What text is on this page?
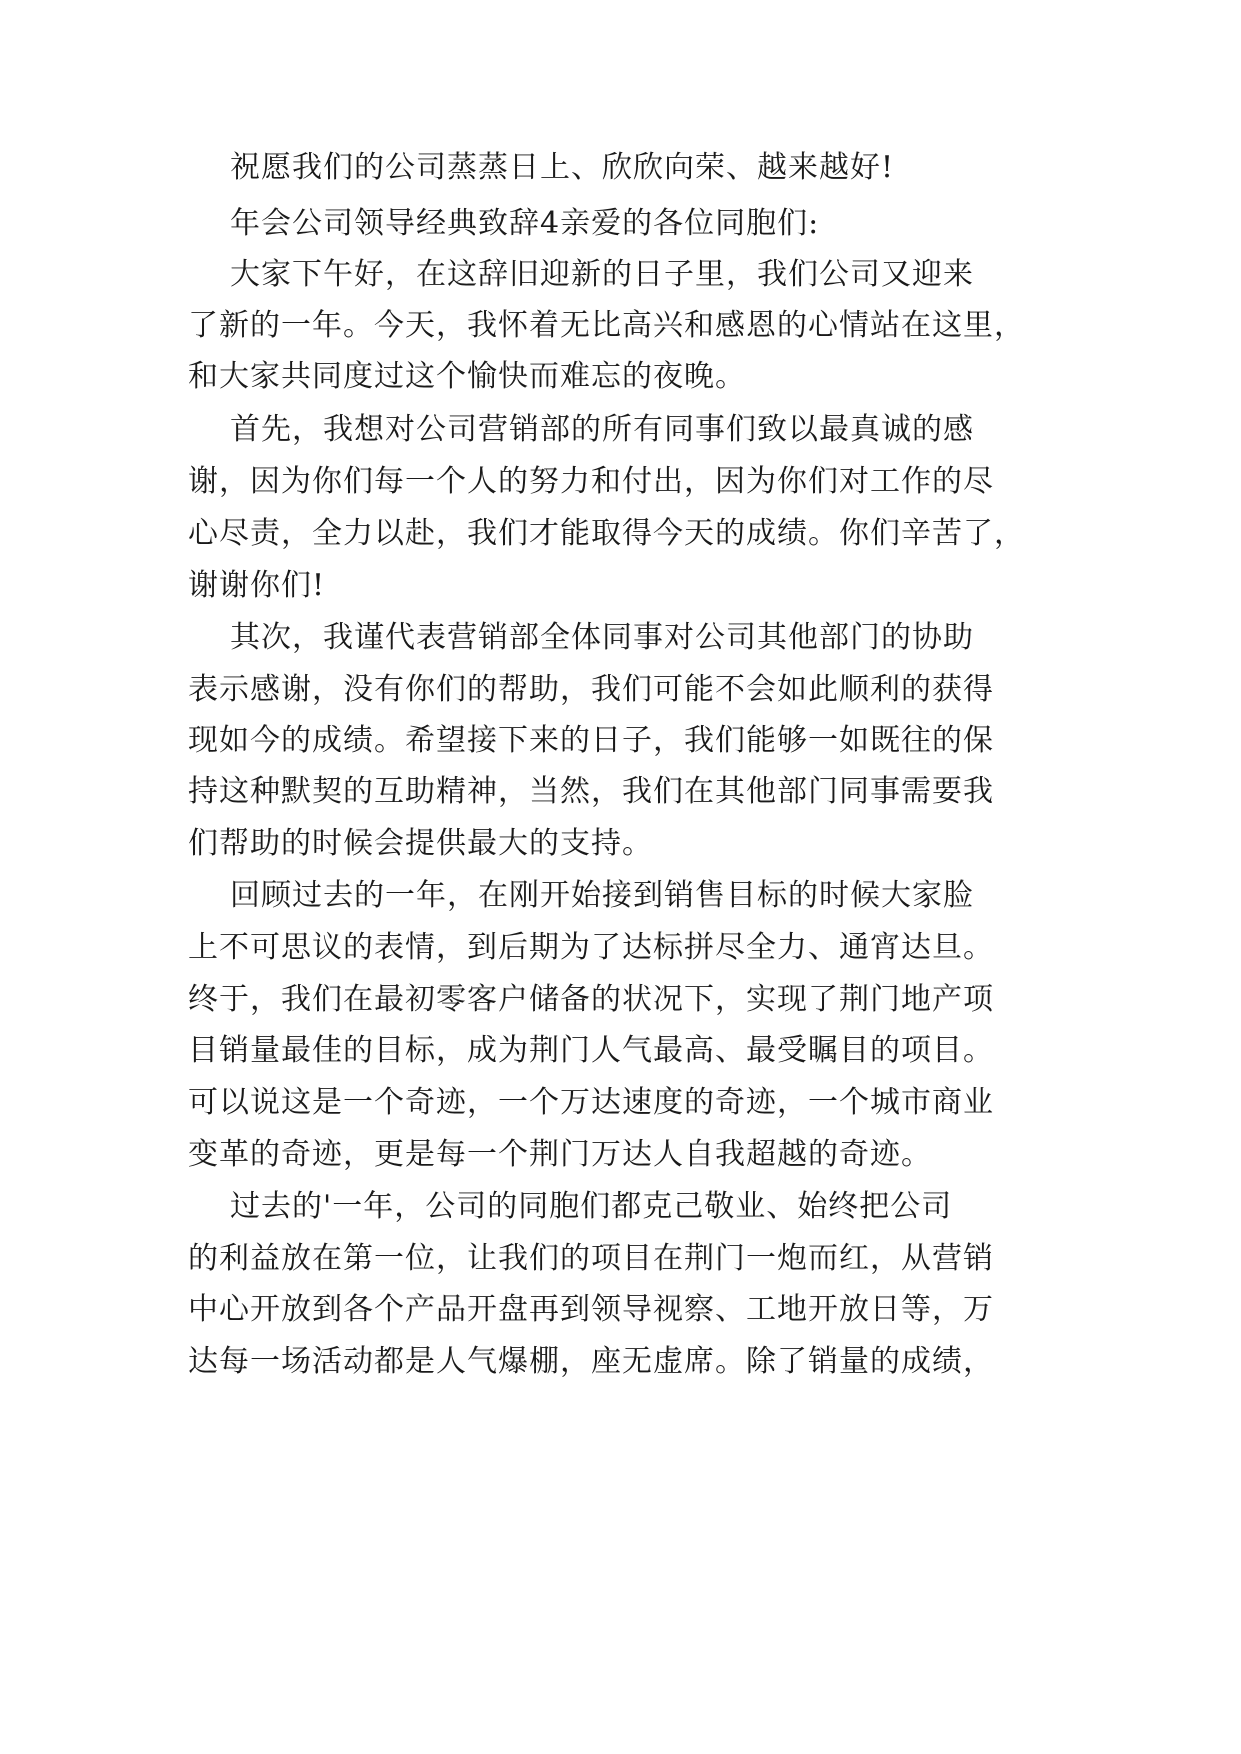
祝愿我们的公司蒸蒸日上、欣欣向荣、越来越好!
年会公司领导经典致辞4亲爱的各位同胞们:
大家下午好，在这辞旧迎新的日子里，我们公司又迎来
了新的一年。今天，我怀着无比高兴和感恩的心情站在这里，
和大家共同度过这个愉快而难忘的夜晚。
首先，我想对公司营销部的所有同事们致以最真诚的感
谢，因为你们每一个人的努力和付出，因为你们对工作的尽
心尽责，全力以赴，我们才能取得今天的成绩。你们辛苦了，
谢谢你们!
其次，我谨代表营销部全体同事对公司其他部门的协助
表示感谢，没有你们的帮助，我们可能不会如此顺利的获得
现如今的成绩。希望接下来的日子，我们能够一如既往的保
持这种默契的互助精神，当然，我们在其他部门同事需要我
们帮助的时候会提供最大的支持。
回顾过去的一年，在刚开始接到销售目标的时候大家脸
上不可思议的表情，到后期为了达标拼尽全力、通宵达旦。
终于，我们在最初零客户储备的状况下，实现了荆门地产项
目销量最佳的目标，成为荆门人气最高、最受瞩目的项目。
可以说这是一个奇迹，一个万达速度的奇迹，一个城市商业
变革的奇迹，更是每一个荆门万达人自我超越的奇迹。
过去的'一年，公司的同胞们都克己敬业、始终把公司
的利益放在第一位，让我们的项目在荆门一炮而红，从营销
中心开放到各个产品开盘再到领导视察、工地开放日等，万
达每一场活动都是人气爆棚，座无虚席。除了销量的成绩，
